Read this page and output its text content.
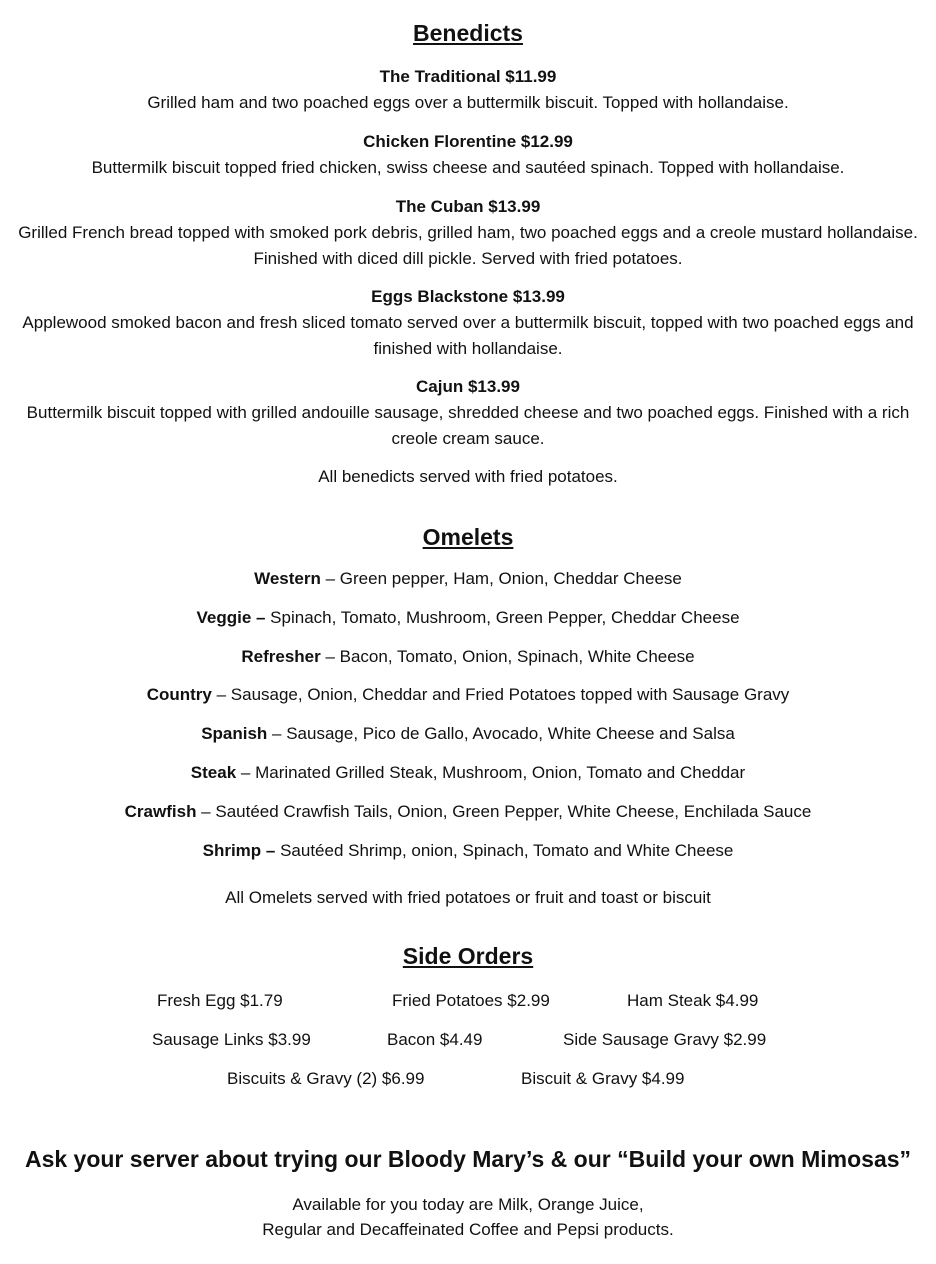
Benedicts
The Traditional $11.99
Grilled ham and two poached eggs over a buttermilk biscuit. Topped with hollandaise.
Chicken Florentine $12.99
Buttermilk biscuit topped fried chicken, swiss cheese and sautéed spinach. Topped with hollandaise.
The Cuban $13.99
Grilled French bread topped with smoked pork debris, grilled ham, two poached eggs and a creole mustard hollandaise. Finished with diced dill pickle. Served with fried potatoes.
Eggs Blackstone $13.99
Applewood smoked bacon and fresh sliced tomato served over a buttermilk biscuit, topped with two poached eggs and finished with hollandaise.
Cajun $13.99
Buttermilk biscuit topped with grilled andouille sausage, shredded cheese and two poached eggs. Finished with a rich creole cream sauce.
All benedicts served with fried potatoes.
Omelets
Western – Green pepper, Ham, Onion, Cheddar Cheese
Veggie – Spinach, Tomato, Mushroom, Green Pepper, Cheddar Cheese
Refresher – Bacon, Tomato, Onion, Spinach, White Cheese
Country – Sausage, Onion, Cheddar and Fried Potatoes topped with Sausage Gravy
Spanish – Sausage, Pico de Gallo, Avocado, White Cheese and Salsa
Steak – Marinated Grilled Steak, Mushroom, Onion, Tomato and Cheddar
Crawfish – Sautéed Crawfish Tails, Onion, Green Pepper, White Cheese, Enchilada Sauce
Shrimp – Sautéed Shrimp, onion, Spinach, Tomato and White Cheese
All Omelets served with fried potatoes or fruit and toast or biscuit
Side Orders
Fresh Egg $1.79	Fried Potatoes $2.99	Ham Steak $4.99
Sausage Links $3.99	Bacon $4.49	Side Sausage Gravy $2.99
Biscuits & Gravy (2) $6.99	Biscuit & Gravy $4.99
Ask your server about trying our Bloody Mary’s & our “Build your own Mimosas”
Available for you today are Milk, Orange Juice,
Regular and Decaffeinated Coffee and Pepsi products.
